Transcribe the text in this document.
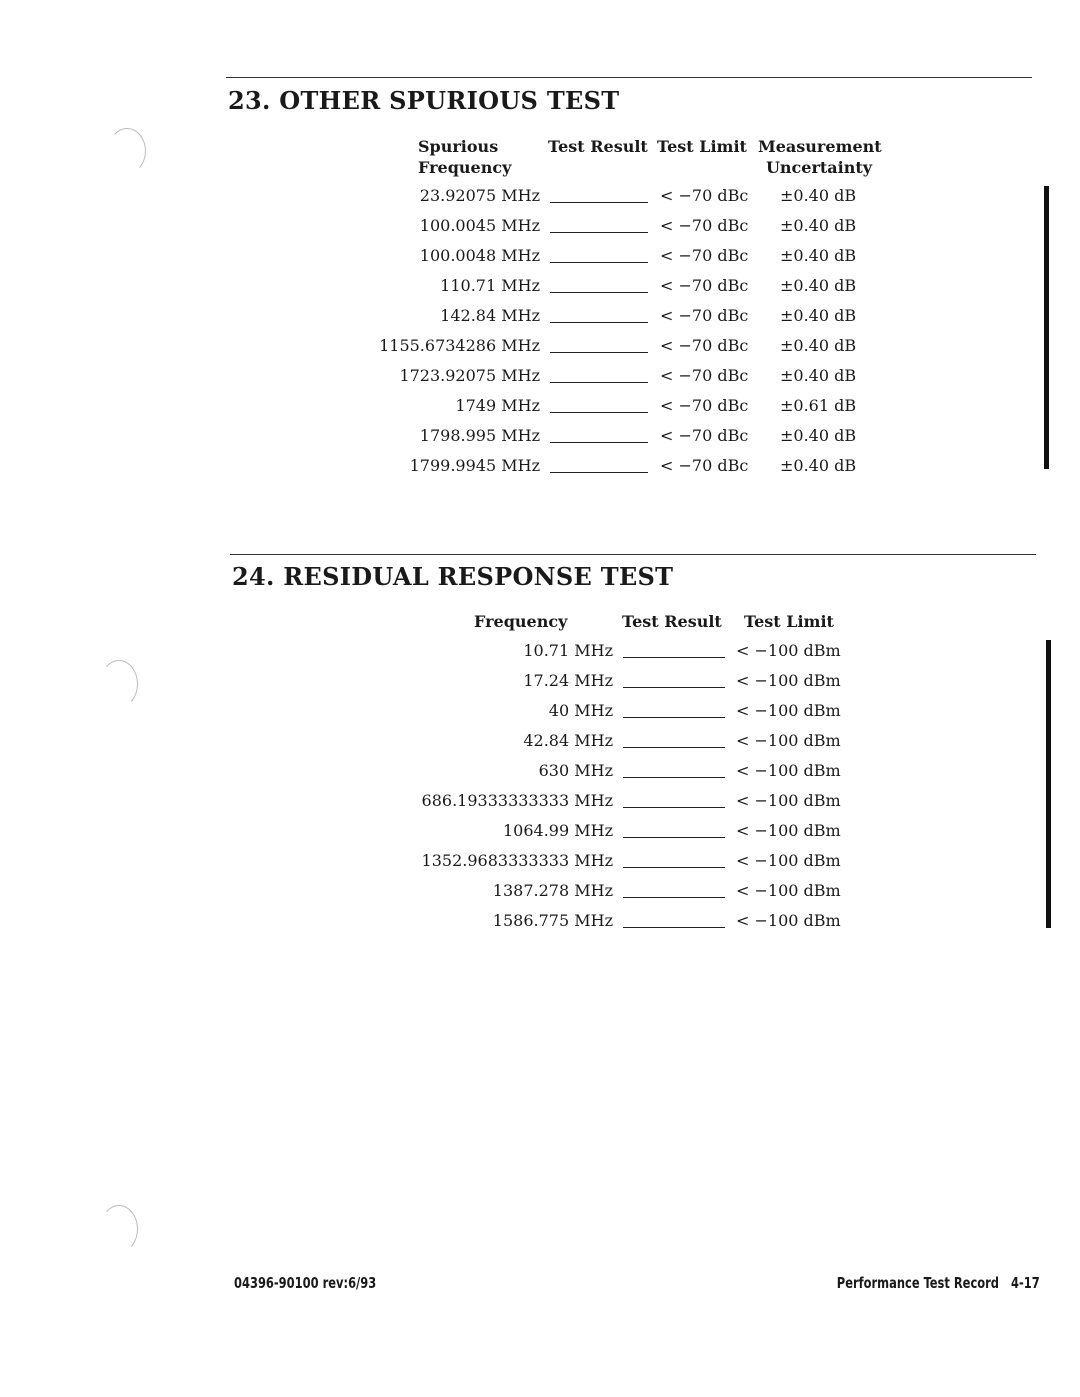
23. OTHER SPURIOUS TEST
Spurious
Frequency
Test Result Test Limit Measurement
Uncertainty
23.92075 MHz	< −70 dBc ±0.40 dB
100.0045 MHz	< −70 dBc ±0.40 dB
100.0048 MHz	< −70 dBc ±0.40 dB
110.71 MHz	< −70 dBc ±0.40 dB
142.84 MHz	< −70 dBc ±0.40 dB
1155.6734286 MHz	< −70 dBc ±0.40 dB
1723.92075 MHz	< −70 dBc ±0.40 dB
1749 MHz	< −70 dBc ±0.61 dB
1798.995 MHz	< −70 dBc ±0.40 dB
1799.9945 MHz	< −70 dBc ±0.40 dB
24. RESIDUAL RESPONSE TEST
Frequency	Test Result Test Limit
10.71 MHz	< −100 dBm
17.24 MHz	< −100 dBm
40 MHz	< −100 dBm
42.84 MHz	< −100 dBm
630 MHz	< −100 dBm
686.19333333333 MHz	< −100 dBm
1064.99 MHz	< −100 dBm
1352.9683333333 MHz	< −100 dBm
1387.278 MHz	< −100 dBm
1586.775 MHz	< −100 dBm
04396-90100 rev:6/93	Performance Test Record 4-17
